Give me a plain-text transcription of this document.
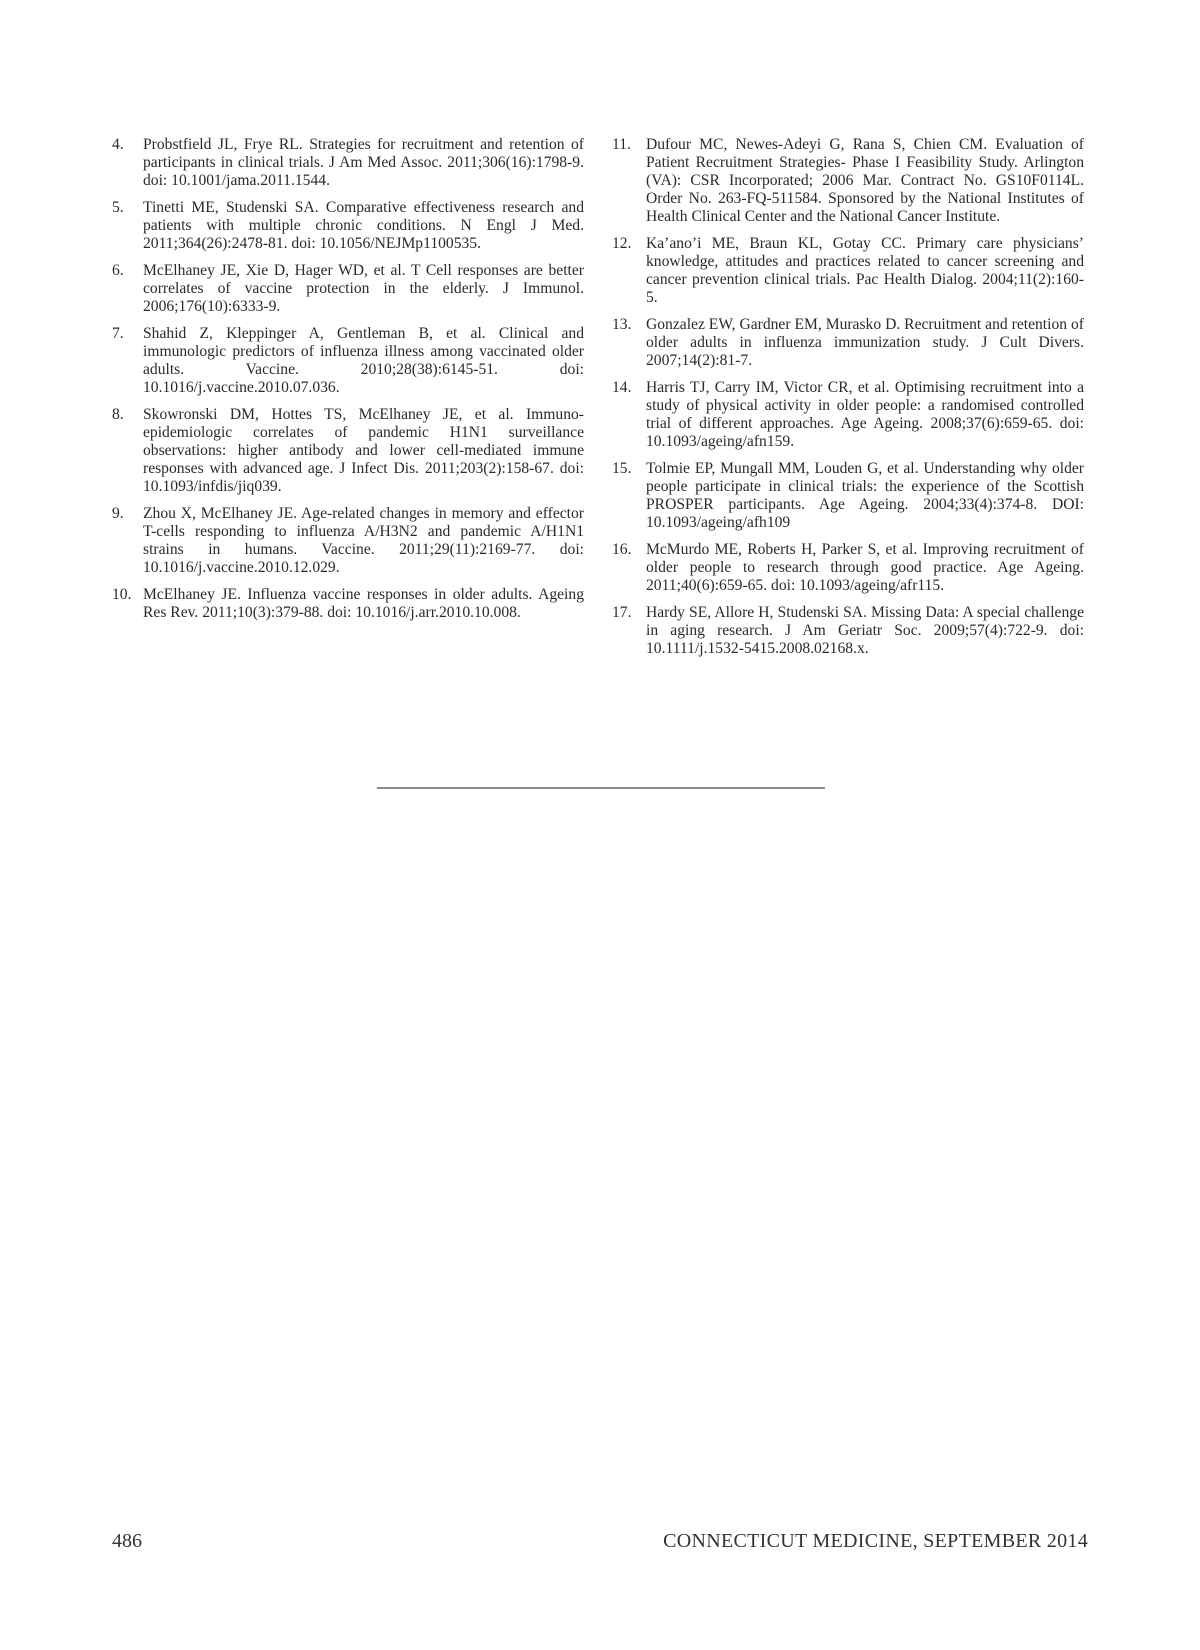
4. Probstfield JL, Frye RL. Strategies for recruitment and retention of participants in clinical trials. J Am Med Assoc. 2011;306(16):1798-9. doi: 10.1001/jama.2011.1544.
5. Tinetti ME, Studenski SA. Comparative effectiveness research and patients with multiple chronic conditions. N Engl J Med. 2011;364(26):2478-81. doi: 10.1056/NEJMp1100535.
6. McElhaney JE, Xie D, Hager WD, et al. T Cell responses are better correlates of vaccine protection in the elderly. J Immunol. 2006;176(10):6333-9.
7. Shahid Z, Kleppinger A, Gentleman B, et al. Clinical and immunologic predictors of influenza illness among vaccinated older adults. Vaccine. 2010;28(38):6145-51. doi: 10.1016/j.vaccine.2010.07.036.
8. Skowronski DM, Hottes TS, McElhaney JE, et al. Immuno-epidemiologic correlates of pandemic H1N1 surveillance observations: higher antibody and lower cell-mediated immune responses with advanced age. J Infect Dis. 2011;203(2):158-67. doi: 10.1093/infdis/jiq039.
9. Zhou X, McElhaney JE. Age-related changes in memory and effector T-cells responding to influenza A/H3N2 and pandemic A/H1N1 strains in humans. Vaccine. 2011;29(11):2169-77. doi: 10.1016/j.vaccine.2010.12.029.
10. McElhaney JE. Influenza vaccine responses in older adults. Ageing Res Rev. 2011;10(3):379-88. doi: 10.1016/j.arr.2010.10.008.
11. Dufour MC, Newes-Adeyi G, Rana S, Chien CM. Evaluation of Patient Recruitment Strategies- Phase I Feasibility Study. Arlington (VA): CSR Incorporated; 2006 Mar. Contract No. GS10F0114L. Order No. 263-FQ-511584. Sponsored by the National Institutes of Health Clinical Center and the National Cancer Institute.
12. Ka’ano’i ME, Braun KL, Gotay CC. Primary care physicians’ knowledge, attitudes and practices related to cancer screening and cancer prevention clinical trials. Pac Health Dialog. 2004;11(2):160-5.
13. Gonzalez EW, Gardner EM, Murasko D. Recruitment and retention of older adults in influenza immunization study. J Cult Divers. 2007;14(2):81-7.
14. Harris TJ, Carry IM, Victor CR, et al. Optimising recruitment into a study of physical activity in older people: a randomised controlled trial of different approaches. Age Ageing. 2008;37(6):659-65. doi: 10.1093/ageing/afn159.
15. Tolmie EP, Mungall MM, Louden G, et al. Understanding why older people participate in clinical trials: the experience of the Scottish PROSPER participants. Age Ageing. 2004;33(4):374-8. DOI: 10.1093/ageing/afh109
16. McMurdo ME, Roberts H, Parker S, et al. Improving recruitment of older people to research through good practice. Age Ageing. 2011;40(6):659-65. doi: 10.1093/ageing/afr115.
17. Hardy SE, Allore H, Studenski SA. Missing Data: A special challenge in aging research. J Am Geriatr Soc. 2009;57(4):722-9. doi: 10.1111/j.1532-5415.2008.02168.x.
486	CONNECTICUT MEDICINE, SEPTEMBER 2014
